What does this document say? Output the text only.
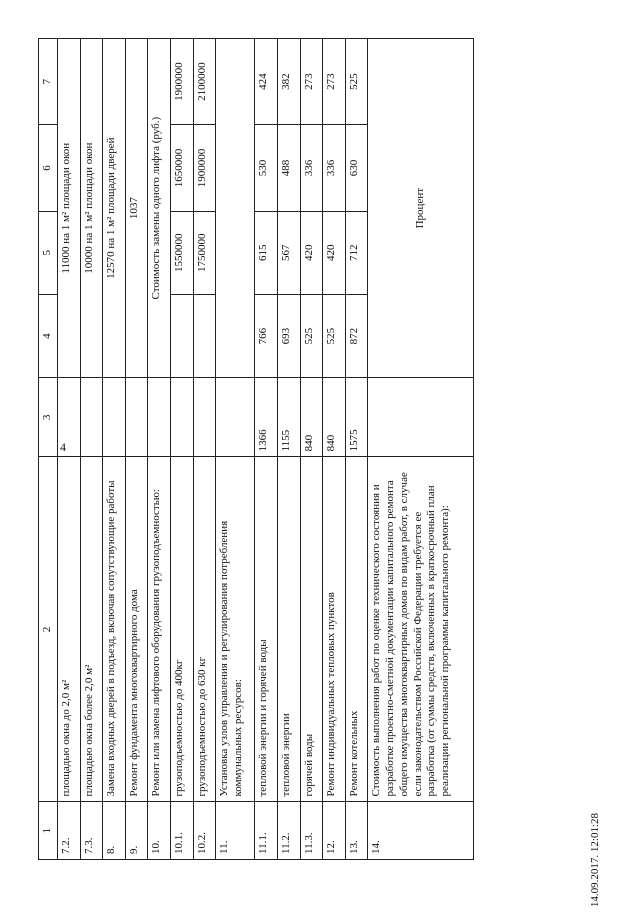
4
1	2	3	4	5	6	7
7.2.	площадью окна до 2,0 м²		11000 на 1 м² площади окон			
7.3.	площадью окна более 2,0 м²		10000 на 1 м² площади окон			
8.	Замена входных дверей в подъезд, включая сопутствующие работы		12570 на 1 м² площади дверей			
9.	Ремонт фундамента многоквартирного дома		1037			
10.	Ремонт или замена лифтового оборудования грузоподъемностью:		Стоимость замены одного лифта (руб.)			
10.1.	грузоподъемностью до 400кг			1550000	1650000	1900000
10.2.	грузоподъемностью до 630 кг			1750000	1900000	2100000
11.	Установка узлов управления и регулирования потребления коммунальных ресурсов:					
11.1.	тепловой энергии и горячей воды	1366	766	615	530	424
11.2.	тепловой энергии	1155	693	567	488	382
11.3.	горячей воды	840	525	420	336	273
12.	Ремонт индивидуальных тепловых пунктов	840	525	420	336	273
13.	Ремонт котельных	1575	872	712	630	525
14.	Стоимость выполнения работ по оценке технического состояния и разработке проектно-сметной документации капитального ремонта общего имущества многоквартирных домов по видам работ, в случае если законодательством Российской Федерации требуется ее разработка (от суммы средств, включенных в краткосрочный план реализации региональной программы капитального ремонта):		Процент			
14.09.2017. 12:01:28
